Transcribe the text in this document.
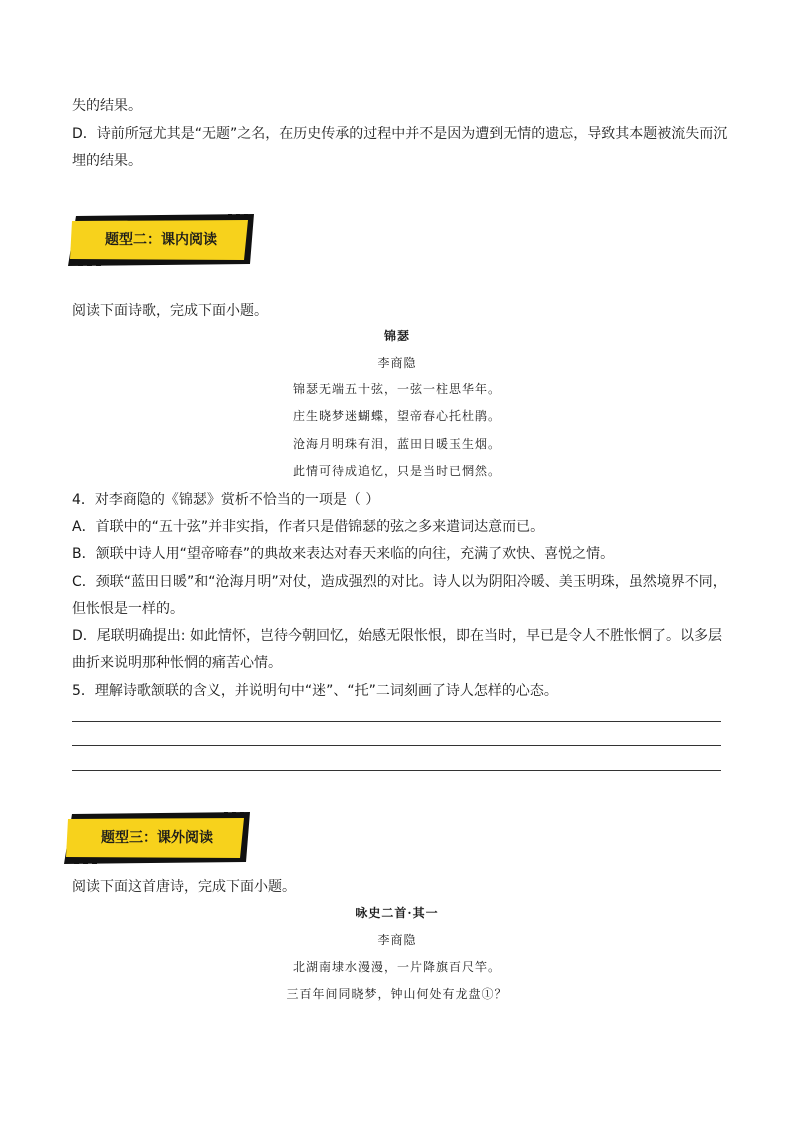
失的结果。
D．诗前所冠尤其是“无题”之名，在历史传承的过程中并不是因为遭到无情的遗忘，导致其本题被流失而沉
埋的结果。
题型二：课内阅读
阅读下面诗歌，完成下面小题。
锦瑟
李商隐
锦瑟无端五十弦，一弦一柱思华年。
庄生晓梦迷蝴蝶，望帝春心托杜鹃。
沧海月明珠有泪，蓝田日暖玉生烟。
此情可待成追忆，只是当时已惘然。
4．对李商隐的《锦瑟》赏析不恰当的一项是（ ）
A．首联中的“五十弦”并非实指，作者只是借锦瑟的弦之多来遣词达意而已。
B．颔联中诗人用“望帝啼春”的典故来表达对春天来临的向往，充满了欢快、喜悦之情。
C．颈联“蓝田日暖”和“沧海月明”对仗，造成强烈的对比。诗人以为阴阳冷暖、美玉明珠，虽然境界不同，
但怅恨是一样的。
D．尾联明确提出: 如此情怀，岂待今朝回忆，始感无限怅恨，即在当时，早已是令人不胜怅惘了。以多层
曲折来说明那种怅惘的痛苦心情。
5．理解诗歌颔联的含义，并说明句中“迷”、“托”二词刻画了诗人怎样的心态。
题型三：课外阅读
阅读下面这首唐诗，完成下面小题。
咏史二首·其一
李商隐
北湖南埭水漫漫，一片降旗百尺竿。
三百年间同晓梦，钟山何处有龙盘①？
